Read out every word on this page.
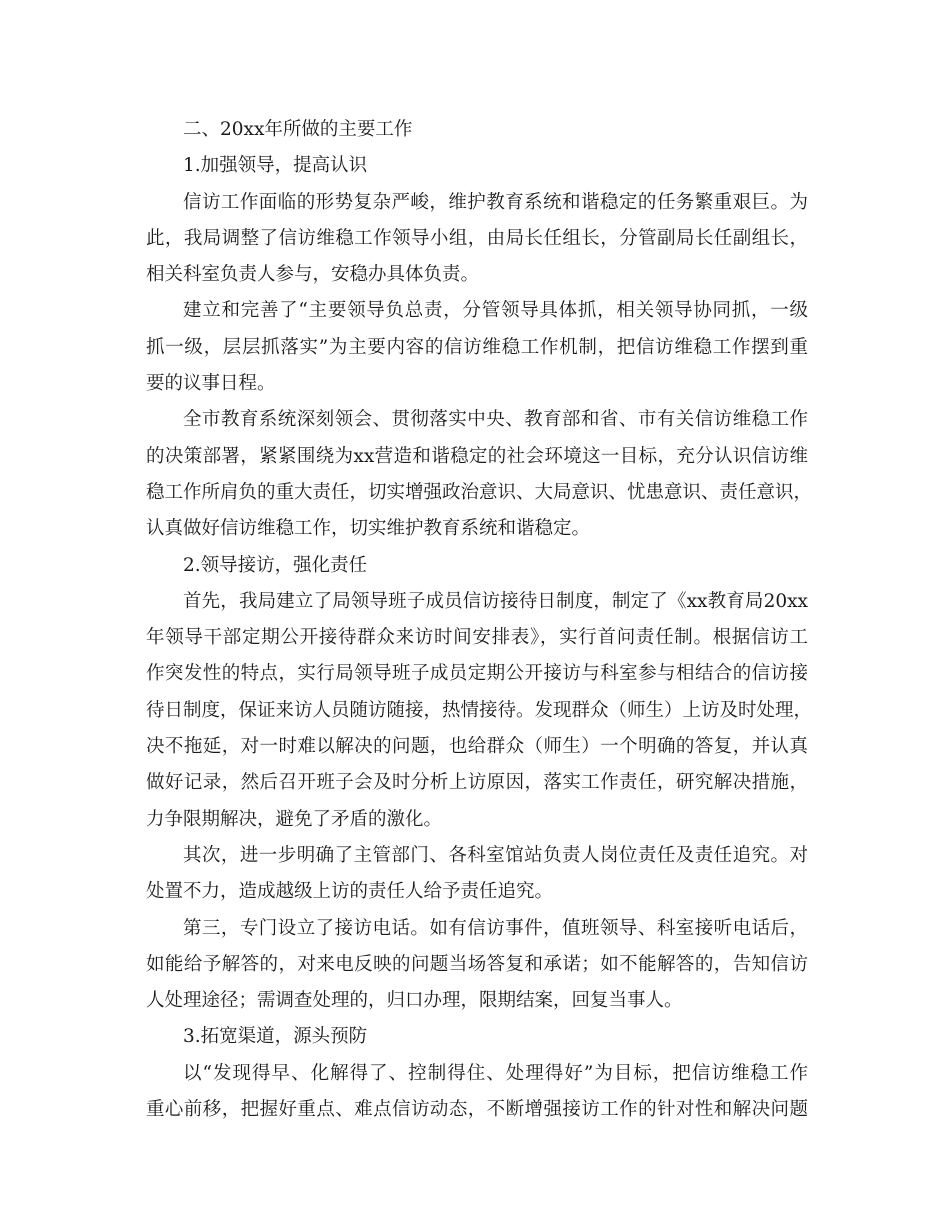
二、20xx年所做的主要工作
1.加强领导，提高认识
信访工作面临的形势复杂严峻，维护教育系统和谐稳定的任务繁重艰巨。为
此，我局调整了信访维稳工作领导小组，由局长任组长，分管副局长任副组长，
相关科室负责人参与，安稳办具体负责。
建立和完善了“主要领导负总责，分管领导具体抓，相关领导协同抓，一级
抓一级，层层抓落实”为主要内容的信访维稳工作机制，把信访维稳工作摆到重
要的议事日程。
全市教育系统深刻领会、贯彻落实中央、教育部和省、市有关信访维稳工作
的决策部署，紧紧围绕为xx营造和谐稳定的社会环境这一目标，充分认识信访维
稳工作所肩负的重大责任，切实增强政治意识、大局意识、忧患意识、责任意识，
认真做好信访维稳工作，切实维护教育系统和谐稳定。
2.领导接访，强化责任
首先，我局建立了局领导班子成员信访接待日制度，制定了《xx教育局20xx
年领导干部定期公开接待群众来访时间安排表》，实行首问责任制。根据信访工
作突发性的特点，实行局领导班子成员定期公开接访与科室参与相结合的信访接
待日制度，保证来访人员随访随接，热情接待。发现群众（师生）上访及时处理，
决不拖延，对一时难以解决的问题，也给群众（师生）一个明确的答复，并认真
做好记录，然后召开班子会及时分析上访原因，落实工作责任，研究解决措施，
力争限期解决，避免了矛盾的激化。
其次，进一步明确了主管部门、各科室馆站负责人岗位责任及责任追究。对
处置不力，造成越级上访的责任人给予责任追究。
第三，专门设立了接访电话。如有信访事件，值班领导、科室接听电话后，
如能给予解答的，对来电反映的问题当场答复和承诺；如不能解答的，告知信访
人处理途径；需调查处理的，归口办理，限期结案，回复当事人。
3.拓宽渠道，源头预防
以“发现得早、化解得了、控制得住、处理得好”为目标，把信访维稳工作
重心前移，把握好重点、难点信访动态，不断增强接访工作的针对性和解决问题
